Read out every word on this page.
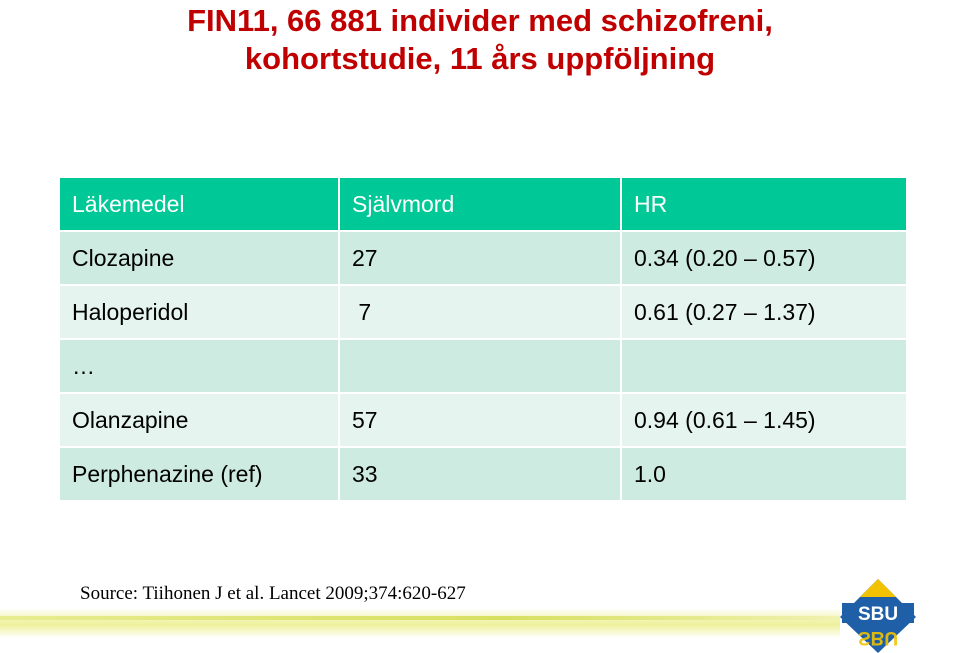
FIN11, 66 881 individer med schizofreni,
kohortstudie, 11 års uppföljning
Läkemedel	Självmord	HR
Clozapine	27	0.34 (0.20 – 0.57)
Haloperidol	7	0.61 (0.27 – 1.37)
…		
Olanzapine	57	0.94 (0.61 – 1.45)
Perphenazine (ref)	33	1.0
Source: Tiihonen J et al. Lancet 2009;374:620-627
SBU
SBU
